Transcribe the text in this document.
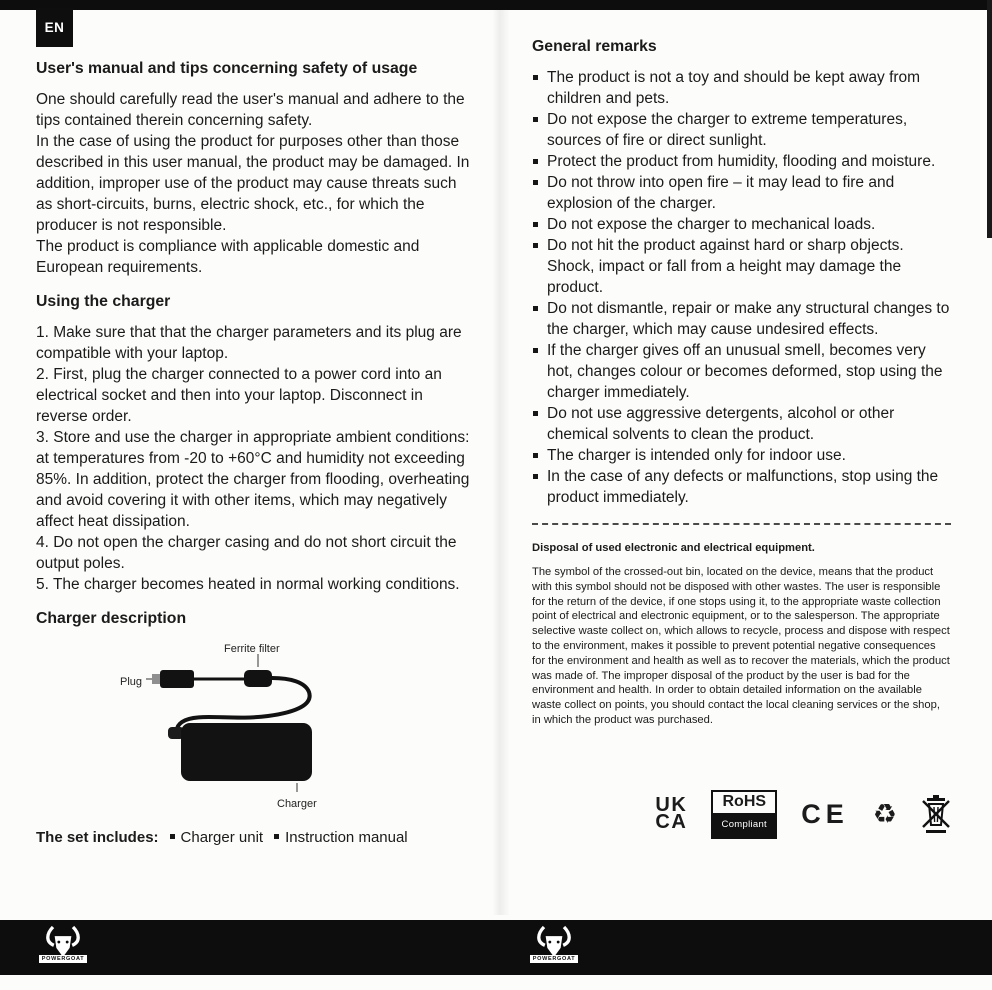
EN
User's manual and tips concerning safety of usage

One should carefully read the user's manual and adhere to the tips contained therein concerning safety.

In the case of using the product for purposes other than those described in this user manual, the product may be damaged. In addition, improper use of the product may cause threats such as short-circuits, burns, electric shock, etc., for which the producer is not responsible.

The product is compliance with applicable domestic and European requirements.

Using the charger

1. Make sure that that the charger parameters and its plug are compatible with your laptop.

2. First, plug the charger connected to a power cord into an electrical socket and then into your laptop. Disconnect in reverse order.

3. Store and use the charger in appropriate ambient conditions: at temperatures from -20 to +60°C and humidity not exceeding 85%. In addition, protect the charger from flooding, overheating and avoid covering it with other items, which may negatively affect heat dissipation.

4. Do not open the charger casing and do not short circuit the output poles.

5. The charger becomes heated in normal working conditions.

Charger description
Ferrite filter
Plug
Charger
The set includes: Charger unit Instruction manual
General remarks
The product is not a toy and should be kept away from children and pets.
Do not expose the charger to extreme temperatures, sources of fire or direct sunlight.
Protect the product from humidity, flooding and moisture.
Do not throw into open fire – it may lead to fire and explosion of the charger.
Do not expose the charger to mechanical loads.
Do not hit the product against hard or sharp objects. Shock, impact or fall from a height may damage the product.
Do not dismantle, repair or make any structural changes to the charger, which may cause undesired effects.
If the charger gives off an unusual smell, becomes very hot, changes colour or becomes deformed, stop using the charger immediately.
Do not use aggressive detergents, alcohol or other chemical solvents to clean the product.
The charger is intended only for indoor use.
In the case of any defects or malfunctions, stop using the product immediately.
Disposal of used electronic and electrical equipment.

The symbol of the crossed-out bin, located on the device, means that the product with this symbol should not be disposed with other wastes. The user is responsible for the return of the device, if one stops using it, to the appropriate waste collection point of electrical and electronic equipment, or to the salesperson. The appropriate selective waste collect on, which allows to recycle, process and dispose with respect to the environment, makes it possible to prevent potential negative consequences for the environment and health as well as to recover the materials, which the product was made of. The improper disposal of the product by the user is bad for the environment and health. In order to obtain detailed information on the available waste collect on points, you should contact the local cleaning services or the shop, in which the product was purchased.

UK
CA
RoHS
Compliant	CE ♻
POWERGOAT	POWERGOAT
